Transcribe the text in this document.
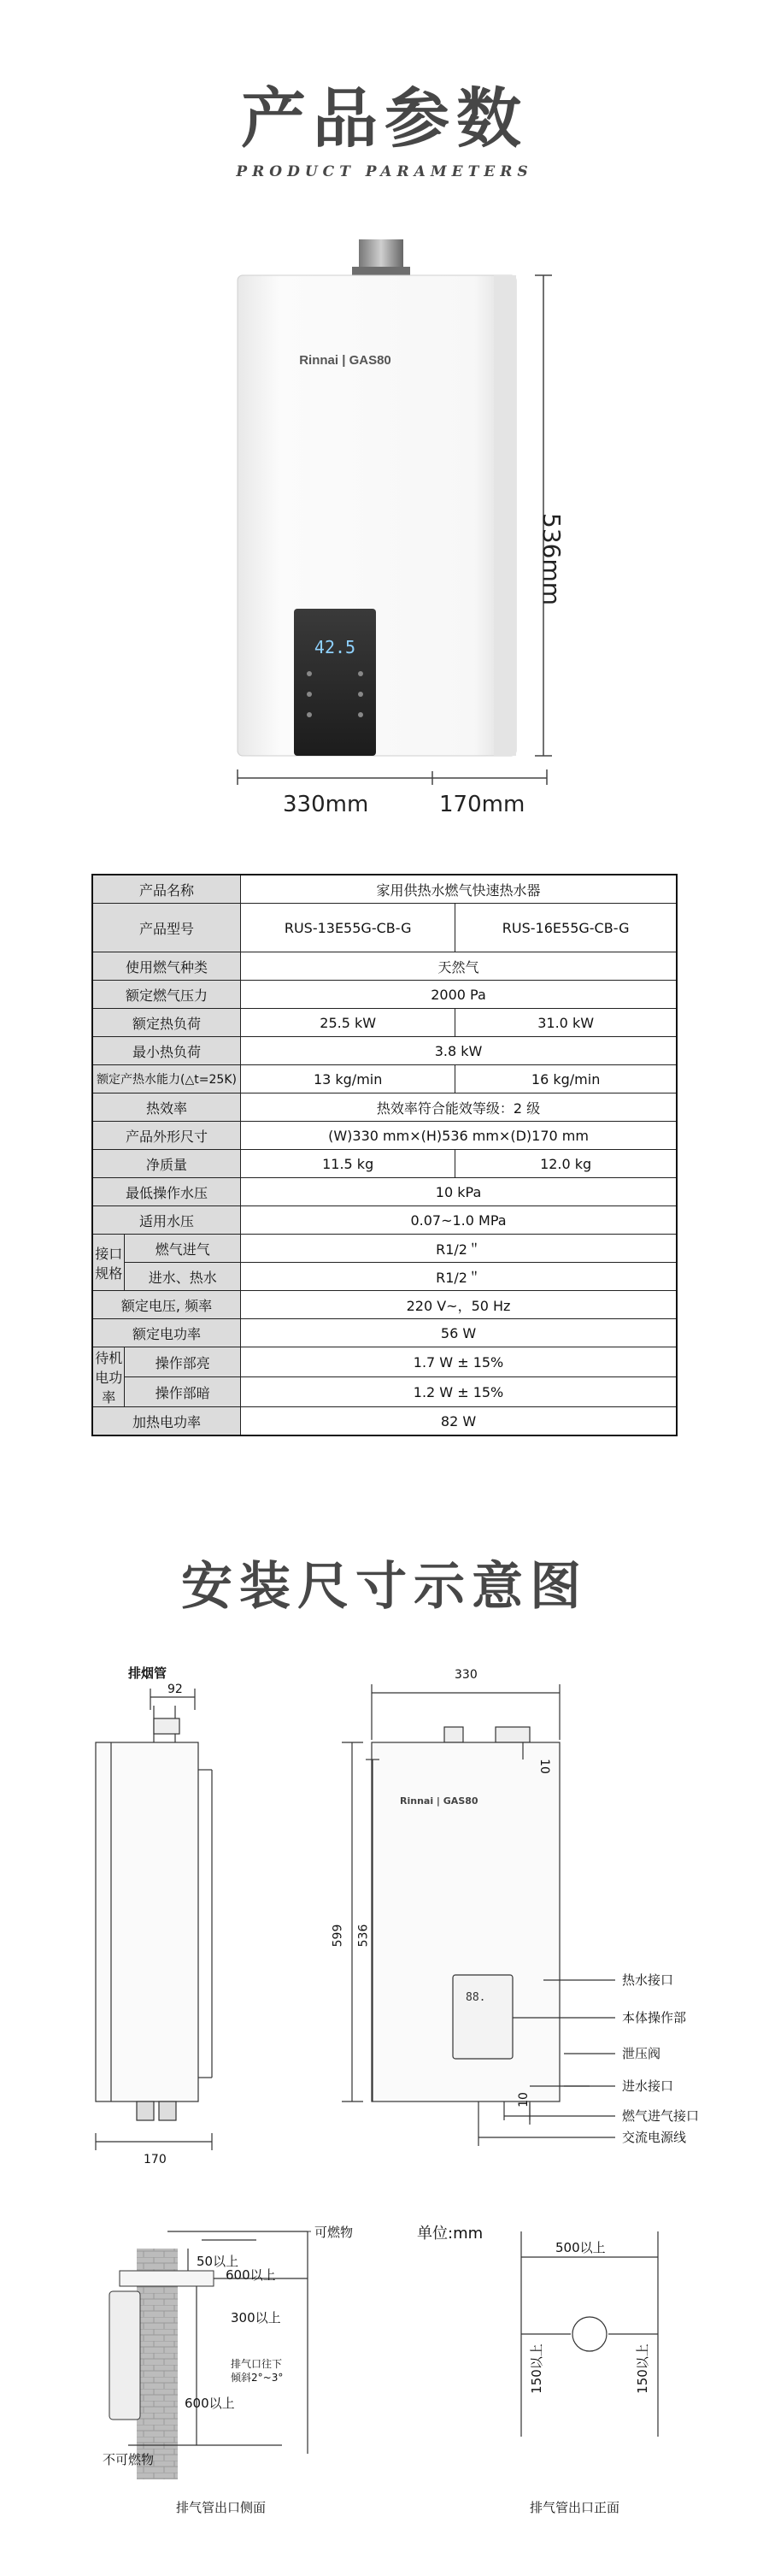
产品参数
PRODUCT PARAMETERS
Rinnai | GAS80
42.5
536mm
330mm	170mm
产品名称		家用供热水燃气快速热水器	
产品型号		RUS-13E55G-CB-G	RUS-16E55G-CB-G
使用燃气种类		天然气	
额定燃气压力		2000 Pa	
额定热负荷		25.5 kW	31.0 kW
最小热负荷		3.8 kW	
额定产热水能力(△t=25K)		13 kg/min	16 kg/min
热效率		热效率符合能效等级：2 级	
产品外形尺寸		(W)330 mm×(H)536 mm×(D)170 mm	
净质量		11.5 kg	12.0 kg
最低操作水压		10 kPa	
适用水压		0.07~1.0 MPa	
接口
规格	燃气进气	R1/2＂	
	进水、热水	R1/2＂	
额定电压, 频率		220 V~，50 Hz	
额定电功率		56 W	
待机
电功率	操作部亮	1.7 W ± 15%	
	操作部暗	1.2 W ± 15%	
加热电功率		82 W	
安装尺寸示意图
Rinnai | GAS80
88.
排烟管
92
170
330
10
599 536
10
热水接口
本体操作部
泄压阀
进水接口
燃气进气接口
交流电源线
可燃物
50以上
600以上
300以上
排气口往下
倾斜2°~3°
600以上
不可燃物
排气管出口侧面
单位:mm
500以上
150以上	150以上
排气管出口正面
